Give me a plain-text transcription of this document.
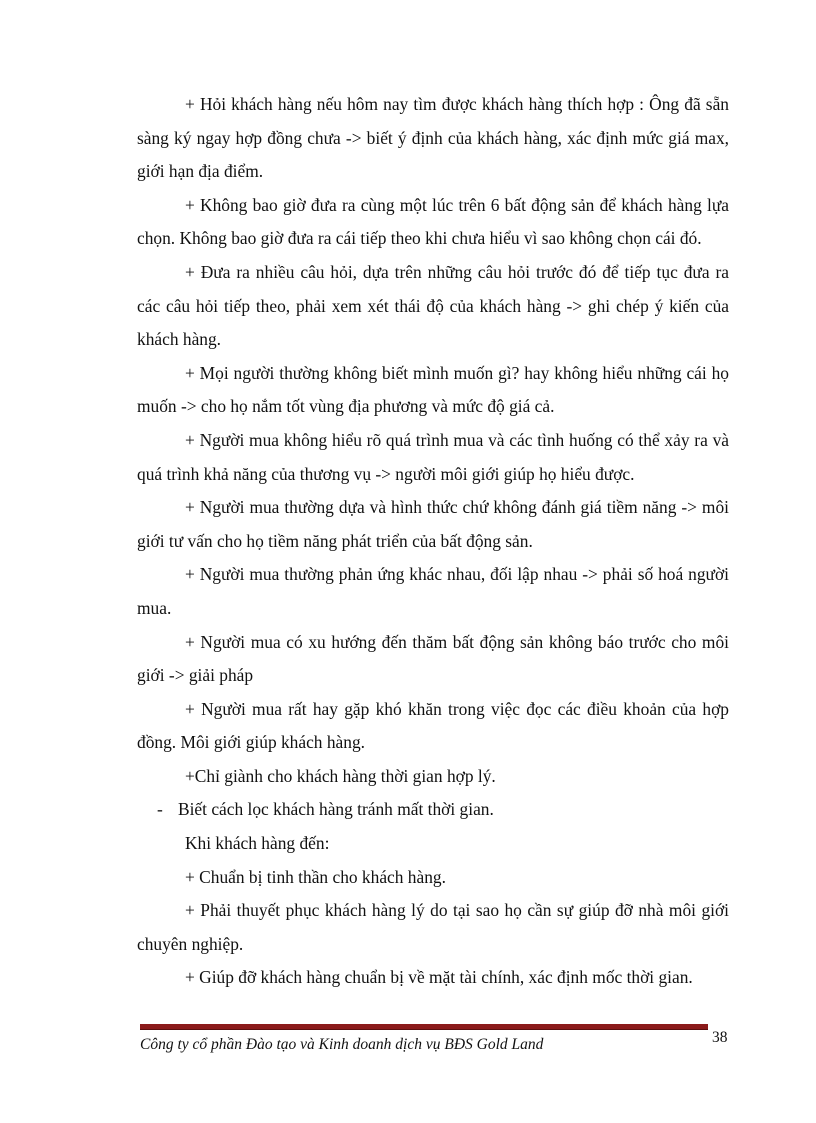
+ Hỏi khách hàng nếu hôm nay tìm được khách hàng thích hợp : Ông đã sẵn sàng ký ngay hợp đồng chưa -> biết ý định của khách hàng, xác định mức giá max, giới hạn địa điểm.

+ Không bao giờ đưa ra cùng một lúc trên 6 bất động sản để khách hàng lựa chọn. Không bao giờ đưa ra cái tiếp theo khi chưa hiểu vì sao không chọn cái đó.

+ Đưa ra nhiều câu hỏi, dựa trên những câu hỏi trước đó để tiếp tục đưa ra các câu hỏi tiếp theo, phải xem xét thái độ của khách hàng -> ghi chép ý kiến của khách hàng.

+ Mọi người thường không biết mình muốn gì? hay không hiểu những cái họ muốn -> cho họ nắm tốt vùng địa phương và mức độ giá cả.

+ Người mua không hiểu rõ quá trình mua và các tình huống có thể xảy ra và quá trình khả năng của thương vụ -> người môi giới giúp họ hiểu được.

+ Người mua thường dựa và hình thức chứ không đánh giá tiềm năng -> môi giới tư vấn cho họ tiềm năng phát triển của bất động sản.

+ Người mua thường phản ứng khác nhau, đối lập nhau -> phải số hoá người mua.

+ Người mua có xu hướng đến thăm bất động sản không báo trước cho môi giới -> giải pháp

+ Người mua rất hay gặp khó khăn trong việc đọc các điều khoản của hợp đồng. Môi giới giúp khách hàng.

+Chỉ giành cho khách hàng thời gian hợp lý.

- Biết cách lọc khách hàng tránh mất thời gian.

Khi khách hàng đến:

+ Chuẩn bị tinh thần cho khách hàng.

+ Phải thuyết phục khách hàng lý do tại sao họ cần sự giúp đỡ nhà môi giới chuyên nghiệp.

+ Giúp đỡ khách hàng chuẩn bị về mặt tài chính, xác định mốc thời gian.

Công ty cổ phần Đào tạo và Kinh doanh dịch vụ BĐS Gold Land	38
